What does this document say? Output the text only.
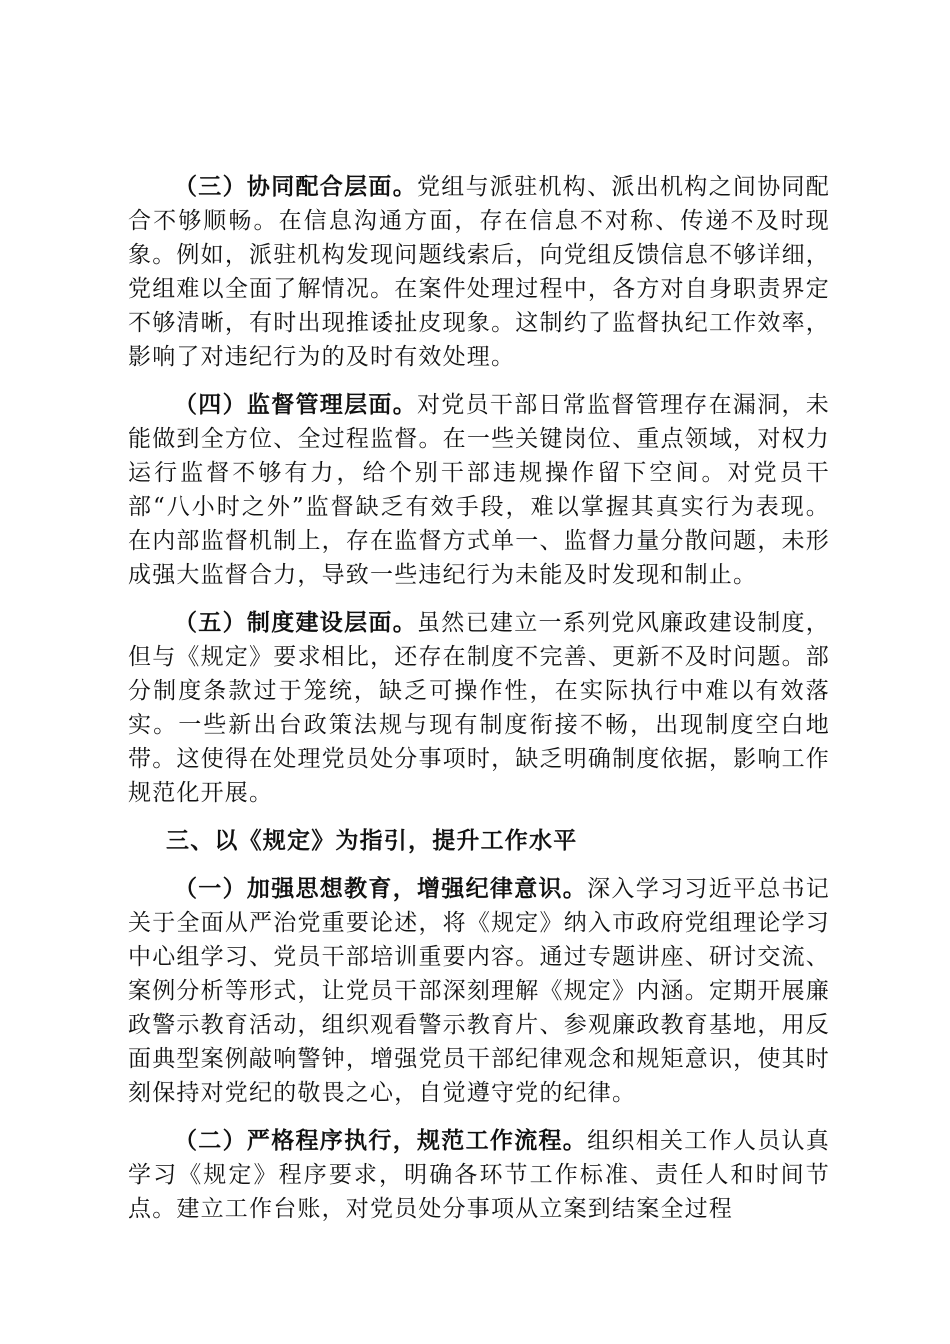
（三）协同配合层面。党组与派驻机构、派出机构之间协同配合不够顺畅。在信息沟通方面，存在信息不对称、传递不及时现象。例如，派驻机构发现问题线索后，向党组反馈信息不够详细，党组难以全面了解情况。在案件处理过程中，各方对自身职责界定不够清晰，有时出现推诿扯皮现象。这制约了监督执纪工作效率，影响了对违纪行为的及时有效处理。

（四）监督管理层面。对党员干部日常监督管理存在漏洞，未能做到全方位、全过程监督。在一些关键岗位、重点领域，对权力运行监督不够有力，给个别干部违规操作留下空间。对党员干部“八小时之外”监督缺乏有效手段，难以掌握其真实行为表现。在内部监督机制上，存在监督方式单一、监督力量分散问题，未形成强大监督合力，导致一些违纪行为未能及时发现和制止。

（五）制度建设层面。虽然已建立一系列党风廉政建设制度，但与《规定》要求相比，还存在制度不完善、更新不及时问题。部分制度条款过于笼统，缺乏可操作性，在实际执行中难以有效落实。一些新出台政策法规与现有制度衔接不畅，出现制度空白地带。这使得在处理党员处分事项时，缺乏明确制度依据，影响工作规范化开展。

三、以《规定》为指引，提升工作水平

（一）加强思想教育，增强纪律意识。深入学习习近平总书记关于全面从严治党重要论述，将《规定》纳入市政府党组理论学习中心组学习、党员干部培训重要内容。通过专题讲座、研讨交流、案例分析等形式，让党员干部深刻理解《规定》内涵。定期开展廉政警示教育活动，组织观看警示教育片、参观廉政教育基地，用反面典型案例敲响警钟，增强党员干部纪律观念和规矩意识，使其时刻保持对党纪的敬畏之心，自觉遵守党的纪律。

（二）严格程序执行，规范工作流程。组织相关工作人员认真学习《规定》程序要求，明确各环节工作标准、责任人和时间节点。建立工作台账，对党员处分事项从立案到结案全过程
